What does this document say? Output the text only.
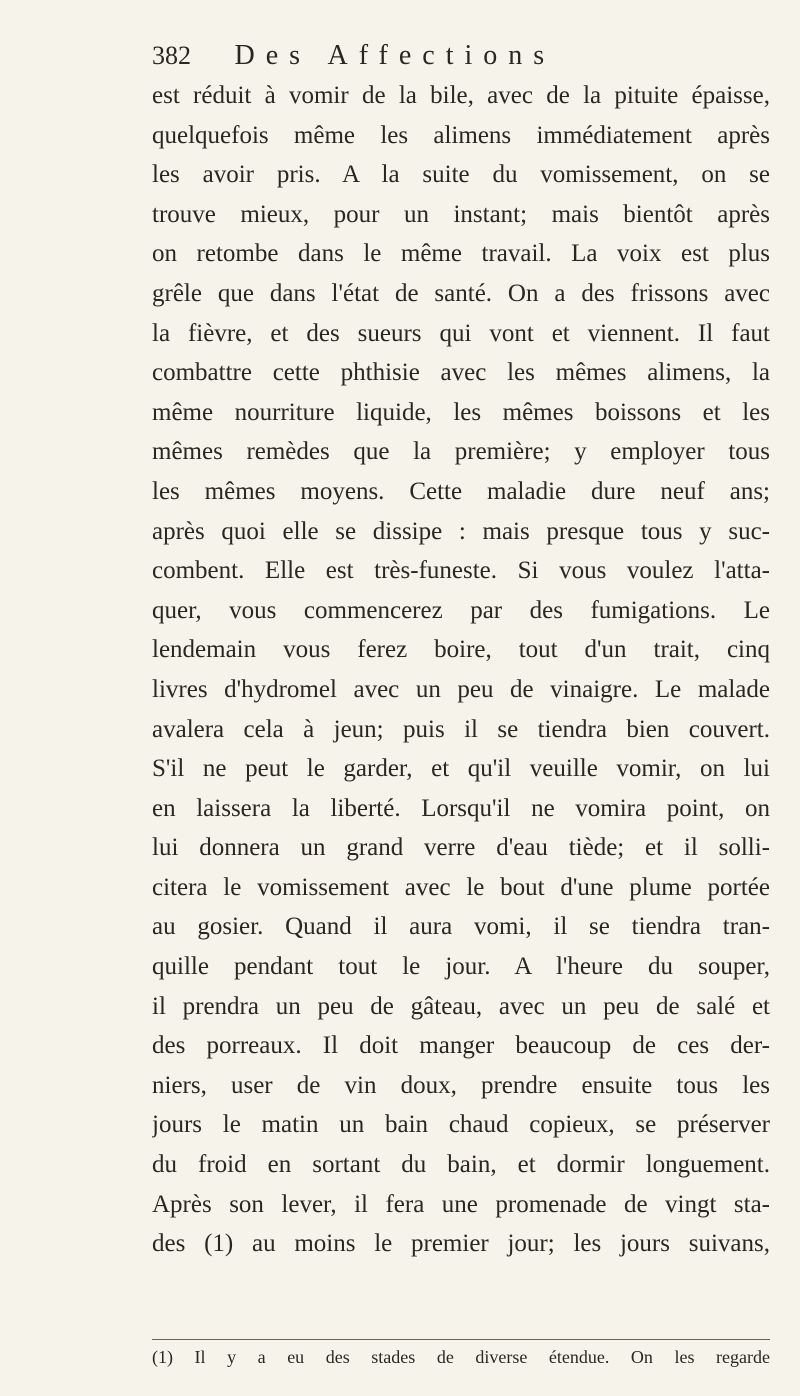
382 Des Affections
est réduit à vomir de la bile, avec de la pituite épaisse,
quelquefois même les alimens immédiatement après
les avoir pris. A la suite du vomissement, on se
trouve mieux, pour un instant; mais bientôt après
on retombe dans le même travail. La voix est plus
grêle que dans l'état de santé. On a des frissons avec
la fièvre, et des sueurs qui vont et viennent. Il faut
combattre cette phthisie avec les mêmes alimens, la
même nourriture liquide, les mêmes boissons et les
mêmes remèdes que la première; y employer tous
les mêmes moyens. Cette maladie dure neuf ans;
après quoi elle se dissipe : mais presque tous y suc-
combent. Elle est très-funeste. Si vous voulez l'atta-
quer, vous commencerez par des fumigations. Le
lendemain vous ferez boire, tout d'un trait, cinq
livres d'hydromel avec un peu de vinaigre. Le malade
avalera cela à jeun; puis il se tiendra bien couvert.
S'il ne peut le garder, et qu'il veuille vomir, on lui
en laissera la liberté. Lorsqu'il ne vomira point, on
lui donnera un grand verre d'eau tiède; et il solli-
citera le vomissement avec le bout d'une plume portée
au gosier. Quand il aura vomi, il se tiendra tran-
quille pendant tout le jour. A l'heure du souper,
il prendra un peu de gâteau, avec un peu de salé et
des porreaux. Il doit manger beaucoup de ces der-
niers, user de vin doux, prendre ensuite tous les
jours le matin un bain chaud copieux, se préserver
du froid en sortant du bain, et dormir longuement.
Après son lever, il fera une promenade de vingt sta-
des (1) au moins le premier jour; les jours suivans,
(1) Il y a eu des stades de diverse étendue. On les regarde
